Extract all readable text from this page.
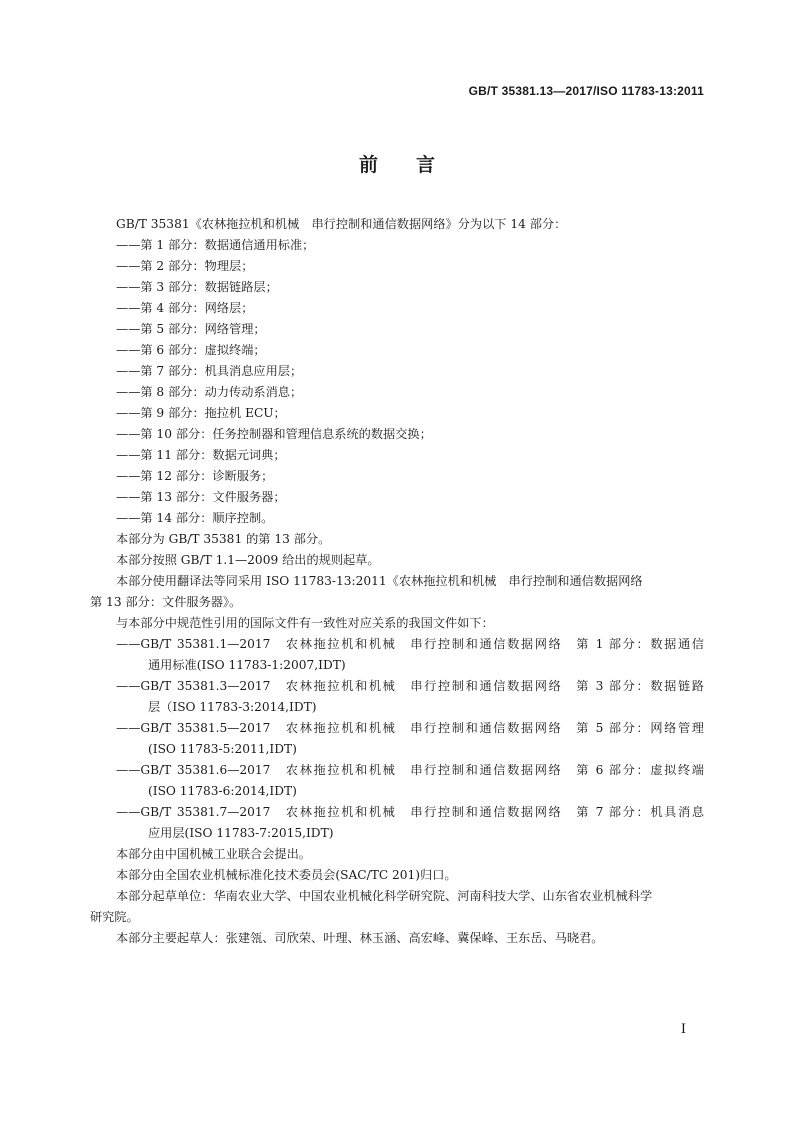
GB/T 35381.13—2017/ISO 11783-13:2011
前　　言

GB/T 35381《农林拖拉机和机械　串行控制和通信数据网络》分为以下 14 部分：

——第 1 部分：数据通信通用标准；

——第 2 部分：物理层；

——第 3 部分：数据链路层；

——第 4 部分：网络层；

——第 5 部分：网络管理；

——第 6 部分：虚拟终端；

——第 7 部分：机具消息应用层；

——第 8 部分：动力传动系消息；

——第 9 部分：拖拉机 ECU；

——第 10 部分：任务控制器和管理信息系统的数据交换；

——第 11 部分：数据元词典；

——第 12 部分：诊断服务；

——第 13 部分：文件服务器；

——第 14 部分：顺序控制。

本部分为 GB/T 35381 的第 13 部分。

本部分按照 GB/T 1.1—2009 给出的规则起草。

本部分使用翻译法等同采用 ISO 11783-13:2011《农林拖拉机和机械　串行控制和通信数据网络

第 13 部分：文件服务器》。

与本部分中规范性引用的国际文件有一致性对应关系的我国文件如下：

——GB/T 35381.1—2017　农林拖拉机和机械　串行控制和通信数据网络　第 1 部分：数据通信
通用标准(ISO 11783-1:2007,IDT)
——GB/T 35381.3—2017　农林拖拉机和机械　串行控制和通信数据网络　第 3 部分：数据链路
层（ISO 11783-3:2014,IDT)
——GB/T 35381.5—2017　农林拖拉机和机械　串行控制和通信数据网络　第 5 部分：网络管理
(ISO 11783-5:2011,IDT)
——GB/T 35381.6—2017　农林拖拉机和机械　串行控制和通信数据网络　第 6 部分：虚拟终端
(ISO 11783-6:2014,IDT)
——GB/T 35381.7—2017　农林拖拉机和机械　串行控制和通信数据网络　第 7 部分：机具消息
应用层(ISO 11783-7:2015,IDT)

本部分由中国机械工业联合会提出。

本部分由全国农业机械标准化技术委员会(SAC/TC 201)归口。

本部分起草单位：华南农业大学、中国农业机械化科学研究院、河南科技大学、山东省农业机械科学

研究院。

本部分主要起草人：张建瓴、司欣荣、叶理、林玉涵、高宏峰、冀保峰、王东岳、马晓君。

I
